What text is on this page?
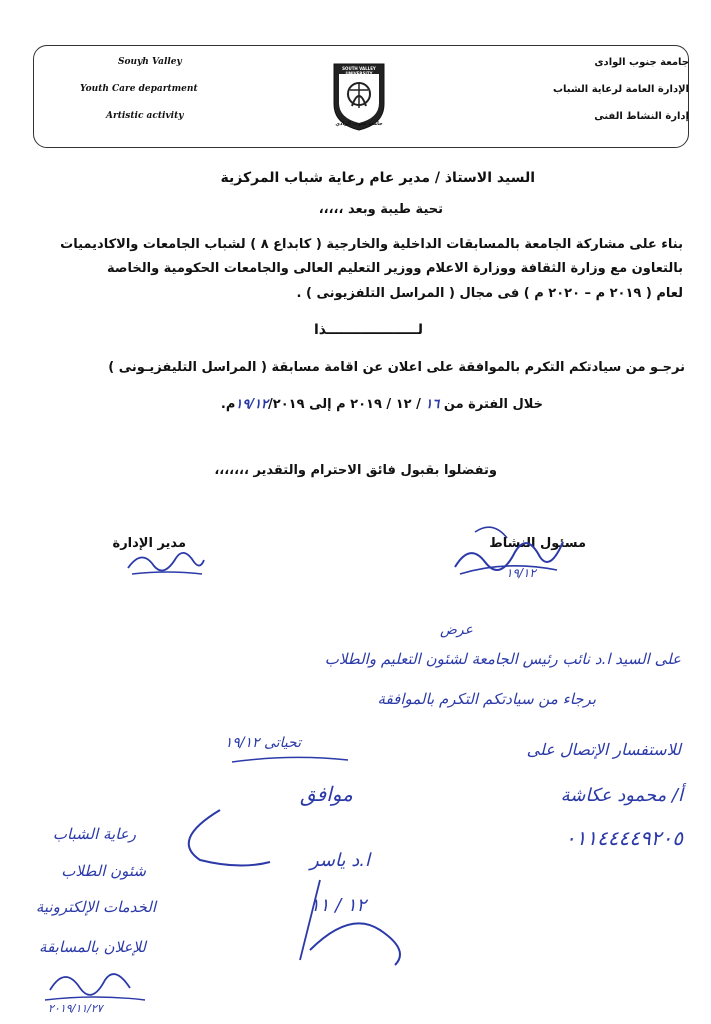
Souyh Valley
Youth Care department
Artistic activity
جامعة جنوب الوادى
الإدارة العامة لرعاية الشباب
إدارة النشاط الفنى
SOUTH VALLEY UNIVERSITY
جامعة جنوب الوادي
السيد الاستاذ / مدير عام رعاية شباب المركزية
تحية طيبة وبعد ،،،،،
بناء على مشاركة الجامعة بالمسابقات الداخلية والخارجية ( كابداع ٨ ) لشباب الجامعات والاكاديميات
بالتعاون مع وزارة الثقافة ووزارة الاعلام ووزير التعليم العالى والجامعات الحكومية والخاصة
لعام ( ٢٠١٩ م – ٢٠٢٠ م ) فى مجال ( المراسل التلفزيونى ) .
لـــــــــــــــــــذا
نرجـو من سيادتكم التكرم بالموافقة على اعلان عن اقامة مسابقة ( المراسل التليفزيـونى )
خلال الفترة من ١٦ / ١٢ / ٢٠١٩ م إلى ١٩/١٢/٢٠١٩م.
وتفضلوا بقبول فائق الاحترام والتقدير ،،،،،،،
مسئول النشاط
مدير الإدارة
١٩/١٢
عرض
على السيد ا.د نائب رئيس الجامعة لشئون التعليم والطلاب
برجاء من سيادتكم التكرم بالموافقة
تحياتى ١٩/١٢	للاستفسار الإتصال على
أ/ محمود عكاشة
٠١١٤٤٤٤٩٢٠٥
موافق
ا.د ياسر
١٢ / ١١
رعاية الشباب
شئون الطلاب
الخدمات الإلكترونية
للإعلان بالمسابقة
٢٠١٩/١١/٢٧
